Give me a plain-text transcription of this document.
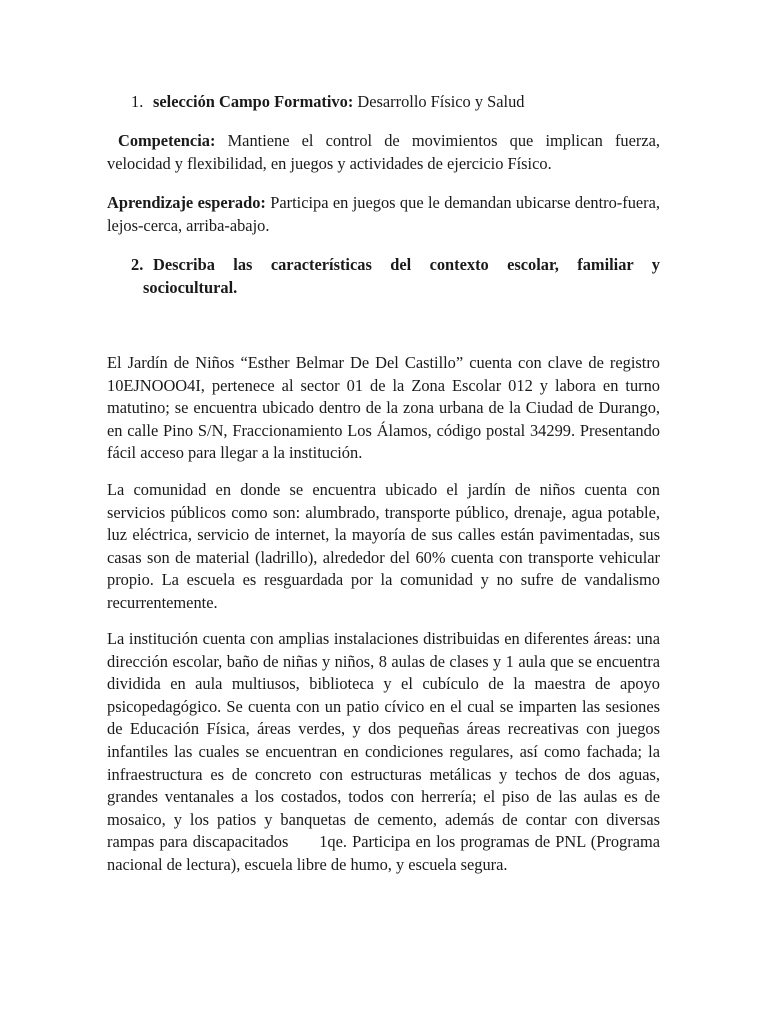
1. selección Campo Formativo: Desarrollo Físico y Salud

Competencia: Mantiene el control de movimientos que implican fuerza, velocidad y flexibilidad, en juegos y actividades de ejercicio Físico.

Aprendizaje esperado: Participa en juegos que le demandan ubicarse dentro-fuera, lejos-cerca, arriba-abajo.

2. Describa las características del contexto escolar, familiar y
sociocultural.

El Jardín de Niños “Esther Belmar De Del Castillo” cuenta con clave de registro 10EJNOOO4I, pertenece al sector 01 de la Zona Escolar 012 y labora en turno matutino; se encuentra ubicado dentro de la zona urbana de la Ciudad de Durango, en calle Pino S/N, Fraccionamiento Los Álamos, código postal 34299. Presentando fácil acceso para llegar a la institución.

La comunidad en donde se encuentra ubicado el jardín de niños cuenta con servicios públicos como son: alumbrado, transporte público, drenaje, agua potable, luz eléctrica, servicio de internet, la mayoría de sus calles están pavimentadas, sus casas son de material (ladrillo), alrededor del 60% cuenta con transporte vehicular propio. La escuela es resguardada por la comunidad y no sufre de vandalismo recurrentemente.

La institución cuenta con amplias instalaciones distribuidas en diferentes áreas: una dirección escolar, baño de niñas y niños, 8 aulas de clases y 1 aula que se encuentra dividida en aula multiusos, biblioteca y el cubículo de la maestra de apoyo psicopedagógico. Se cuenta con un patio cívico en el cual se imparten las sesiones de Educación Física, áreas verdes, y dos pequeñas áreas recreativas con juegos infantiles las cuales se encuentran en condiciones regulares, así como fachada; la infraestructura es de concreto con estructuras metálicas y techos de dos aguas, grandes ventanales a los costados, todos con herrería; el piso de las aulas es de mosaico, y los patios y banquetas de cemento, además de contar con diversas rampas para discapacitados      1qe. Participa en los programas de PNL (Programa nacional de lectura), escuela libre de humo, y escuela segura.
